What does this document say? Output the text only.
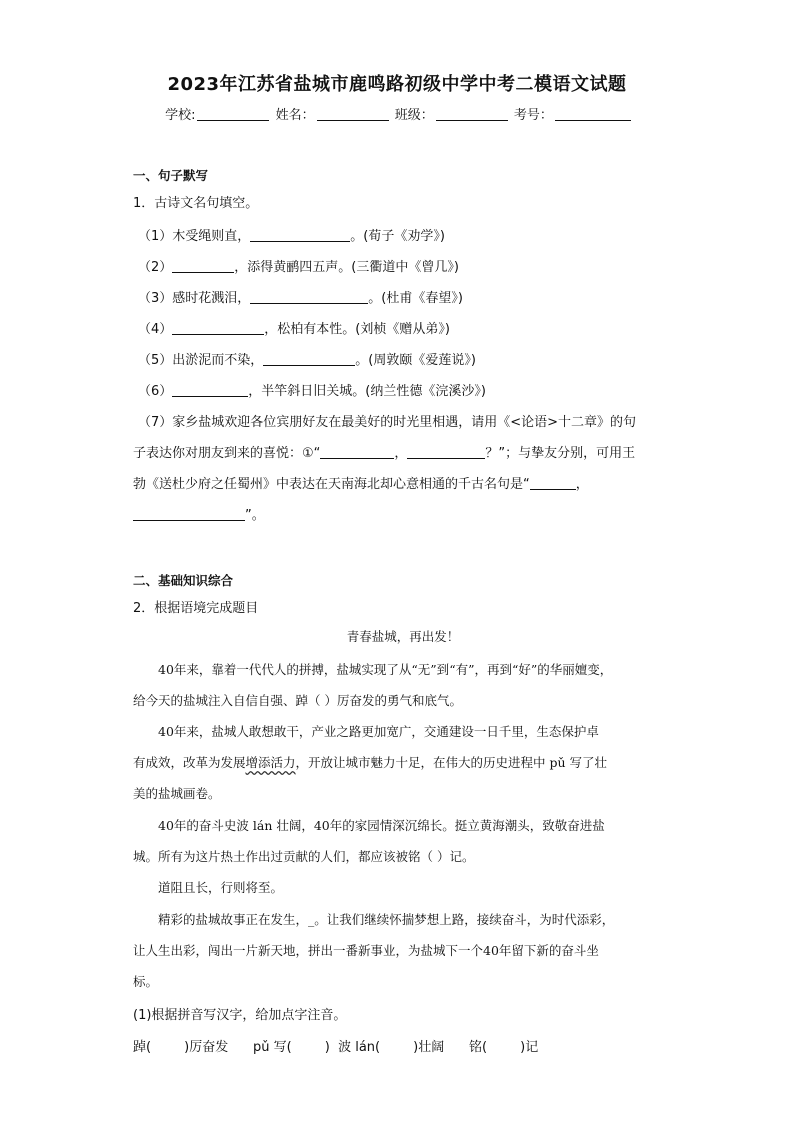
2023年江苏省盐城市鹿鸣路初级中学中考二模语文试题
学校:	姓名：	班级：	考号：
一、句子默写
1．古诗文名句填空。
（1）木受绳则直，	。(荀子《劝学》)
（2）	，添得黄鹂四五声。(三衢道中《曾几》)
（3）感时花溅泪，	。(杜甫《春望》)
（4）	，松柏有本性。(刘桢《赠从弟》)
（5）出淤泥而不染，	。(周敦颐《爱莲说》)
（6）	，半竿斜日旧关城。(纳兰性德《浣溪沙》)
（7）家乡盐城欢迎各位宾朋好友在最美好的时光里相遇，请用《<论语>十二章》的句
子表达你对朋友到来的喜悦：①“	，	？”；与挚友分别，可用王
勃《送杜少府之任蜀州》中表达在天南海北却心意相通的千古名句是“	，
”。
二、基础知识综合
2．根据语境完成题目
青春盐城，再出发！
40年来，靠着一代代人的拼搏，盐城实现了从“无”到“有”，再到“好”的华丽嬗变，
给今天的盐城注入自信自强、踔（ ）厉奋发的勇气和底气。
40年来，盐城人敢想敢干，产业之路更加宽广，交通建设一日千里，生态保护卓
有成效，改革为发展增添活力，开放让城市魅力十足，在伟大的历史进程中 pǔ 写了壮
美的盐城画卷。
40年的奋斗史波 lán 壮阔，40年的家园情深沉绵长。挺立黄海潮头，致敬奋进盐
城。所有为这片热土作出过贡献的人们，都应该被铭（ ）记。
道阻且长，行则将至。
精彩的盐城故事正在发生，_。让我们继续怀揣梦想上路，接续奋斗，为时代添彩，
让人生出彩，闯出一片新天地，拼出一番新事业，为盐城下一个40年留下新的奋斗坐
标。
(1)根据拼音写汉字，给加点字注音。
踔(        )厉奋发      pǔ 写(        )  波 lán(        )壮阔      铭(        )记
